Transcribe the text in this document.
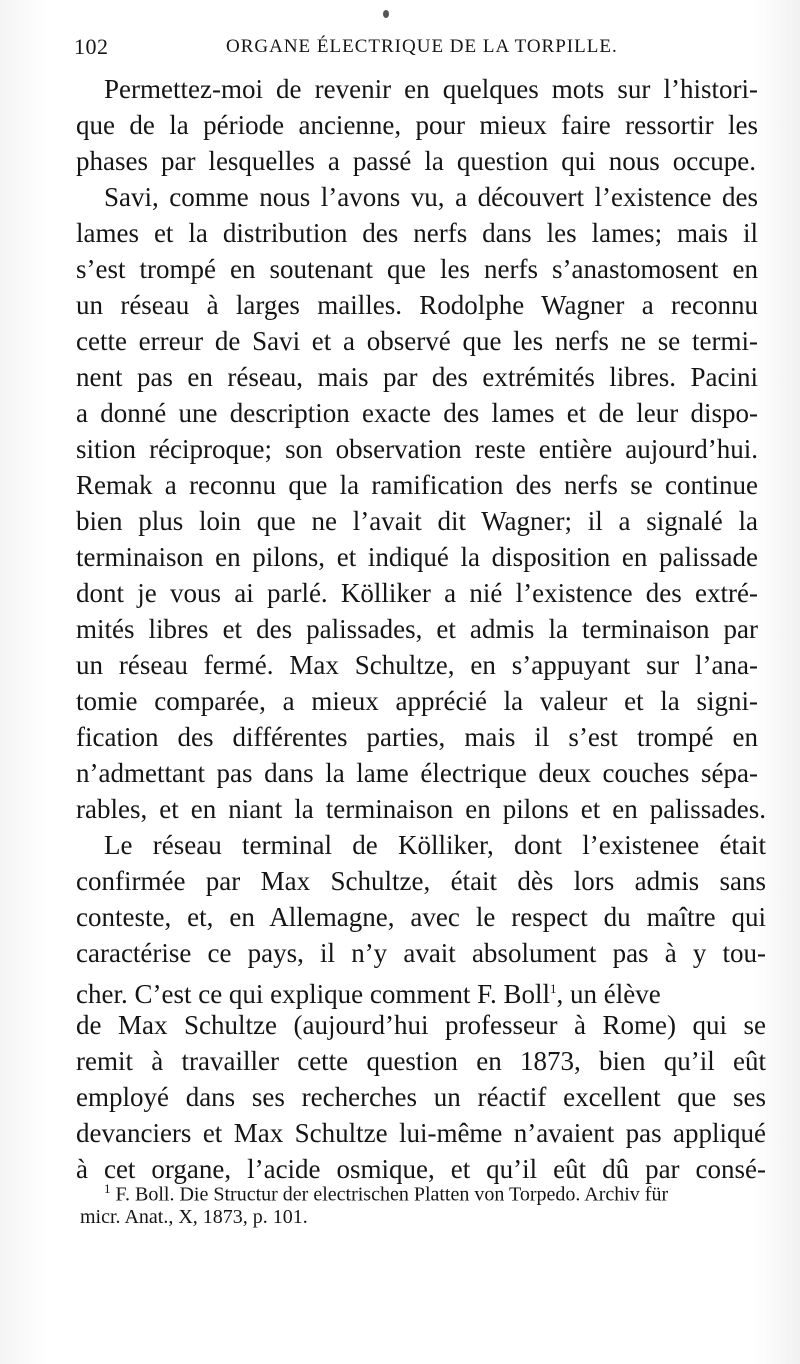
102	ORGANE ÉLECTRIQUE DE LA TORPILLE.
Permettez-moi de revenir en quelques mots sur l’histori-
que de la période ancienne, pour mieux faire ressortir les
phases par lesquelles a passé la question qui nous occupe.
Savi, comme nous l’avons vu, a découvert l’existence des
lames et la distribution des nerfs dans les lames; mais il
s’est trompé en soutenant que les nerfs s’anastomosent en
un réseau à larges mailles. Rodolphe Wagner a reconnu
cette erreur de Savi et a observé que les nerfs ne se termi-
nent pas en réseau, mais par des extrémités libres. Pacini
a donné une description exacte des lames et de leur dispo-
sition réciproque; son observation reste entière aujourd’hui.
Remak a reconnu que la ramification des nerfs se continue
bien plus loin que ne l’avait dit Wagner; il a signalé la
terminaison en pilons, et indiqué la disposition en palissade
dont je vous ai parlé. Kölliker a nié l’existence des extré-
mités libres et des palissades, et admis la terminaison par
un réseau fermé. Max Schultze, en s’appuyant sur l’ana-
tomie comparée, a mieux apprécié la valeur et la signi-
fication des différentes parties, mais il s’est trompé en
n’admettant pas dans la lame électrique deux couches sépa-
rables, et en niant la terminaison en pilons et en palissades.
Le réseau terminal de Kölliker, dont l’existenee était
confirmée par Max Schultze, était dès lors admis sans
conteste, et, en Allemagne, avec le respect du maître qui
caractérise ce pays, il n’y avait absolument pas à y tou-
cher. C’est ce qui explique comment F. Boll$^1$, un élève
de Max Schultze (aujourd’hui professeur à Rome) qui se
remit à travailler cette question en 1873, bien qu’il eût
employé dans ses recherches un réactif excellent que ses
devanciers et Max Schultze lui-même n’avaient pas appliqué
à cet organe, l’acide osmique, et qu’il eût dû par consé-
$^1$ F. Boll. Die Structur der electrischen Platten von Torpedo. Archiv für
micr. Anat., X, 1873, p. 101.
